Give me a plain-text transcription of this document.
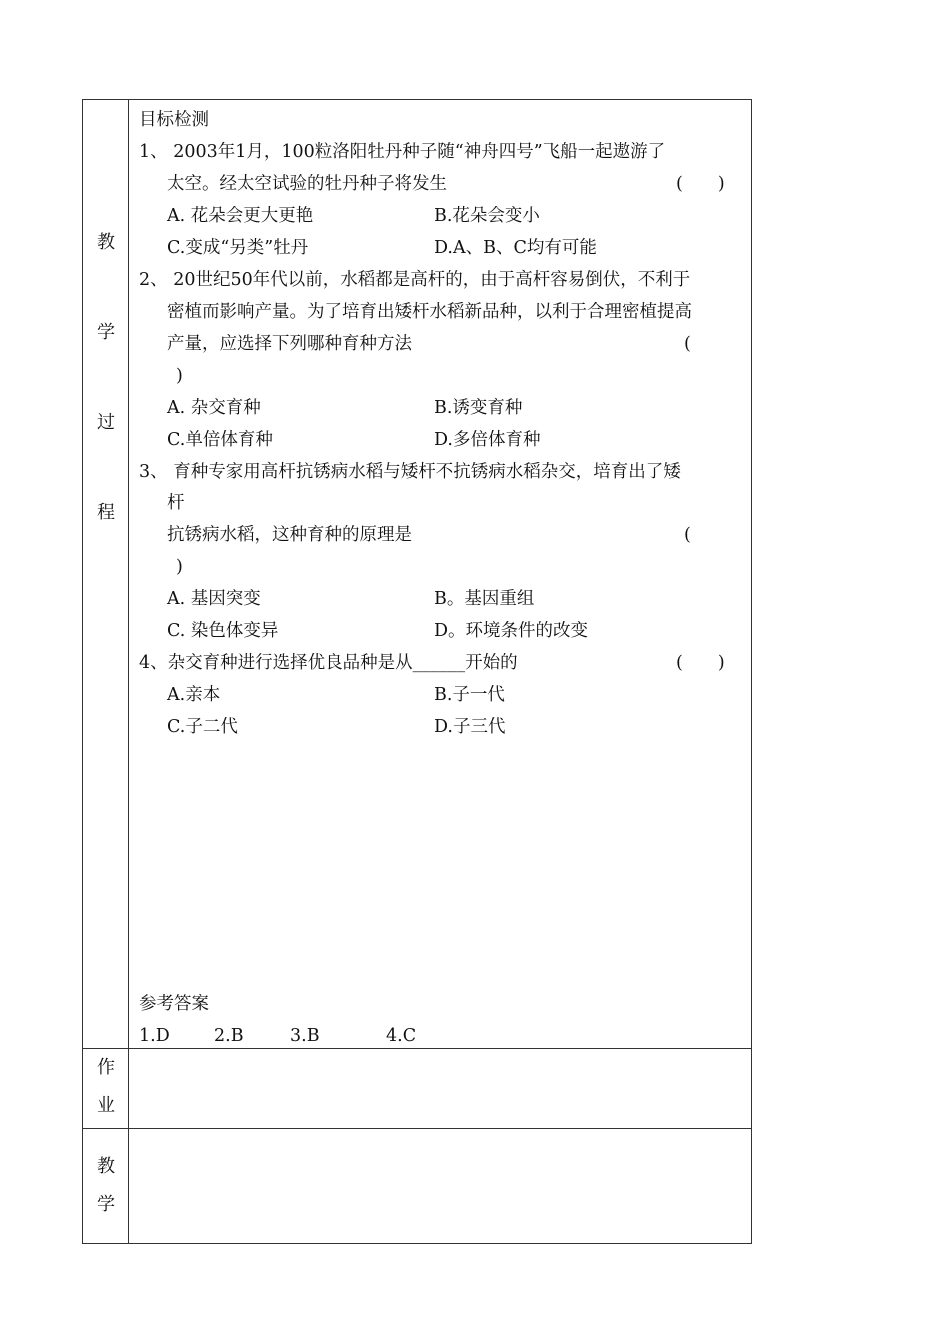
教
学
过
程
作
业
教
学
目标检测
1、 2003年1月，100粒洛阳牡丹种子随“神舟四号”飞船一起遨游了
太空。经太空试验的牡丹种子将发生	(　　)
A. 花朵会更大更艳	B.花朵会变小
C.变成“另类”牡丹	D.A、B、C均有可能
2、 20世纪50年代以前，水稻都是高杆的，由于高杆容易倒伏，不利于
密植而影响产量。为了培育出矮杆水稻新品种，以利于合理密植提高
产量，应选择下列哪种育种方法	(
)
A. 杂交育种	B.诱变育种
C.单倍体育种	D.多倍体育种
3、 育种专家用高杆抗锈病水稻与矮杆不抗锈病水稻杂交，培育出了矮
杆
抗锈病水稻，这种育种的原理是	(
)
A. 基因突变	B。基因重组
C. 染色体变异	D。环境条件的改变
4、杂交育种进行选择优良品种是从______开始的	(　　)
A.亲本	B.子一代
C.子二代	D.子三代
参考答案
1.D	2.B	3.B	4.C
